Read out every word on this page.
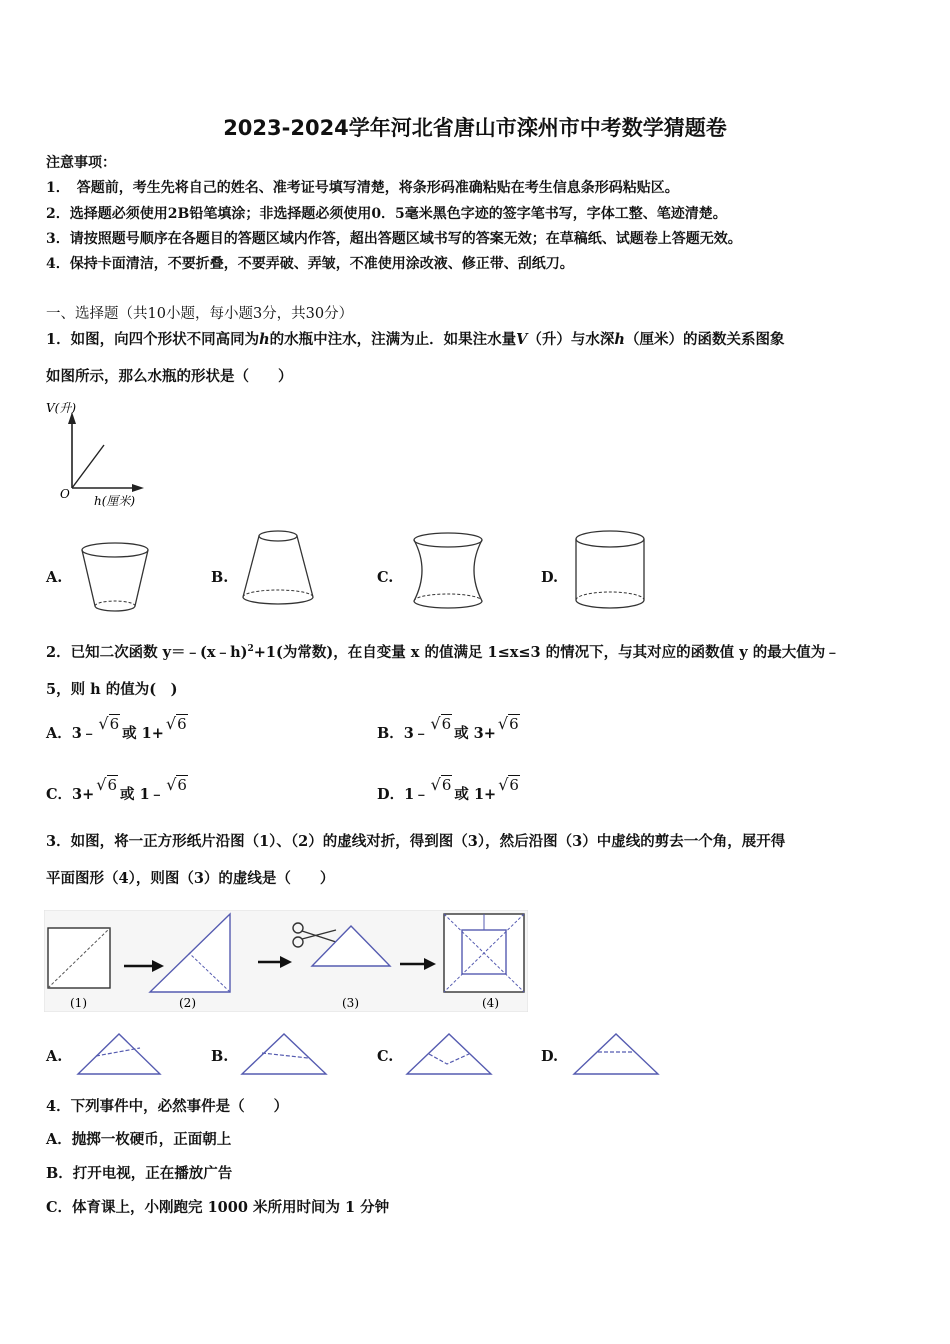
2023-2024学年河北省唐山市滦州市中考数学猜题卷
注意事项：
1．　答题前，考生先将自己的姓名、准考证号填写清楚，将条形码准确粘贴在考生信息条形码粘贴区。
2．选择题必须使用2B铅笔填涂；非选择题必须使用0．5毫米黑色字迹的签字笔书写，字体工整、笔迹清楚。
3．请按照题号顺序在各题目的答题区域内作答，超出答题区域书写的答案无效；在草稿纸、试题卷上答题无效。
4．保持卡面清洁，不要折叠，不要弄破、弄皱，不准使用涂改液、修正带、刮纸刀。
一、选择题（共10小题，每小题3分，共30分）
1．如图，向四个形状不同高同为h的水瓶中注水，注满为止．如果注水量V（升）与水深h（厘米）的函数关系图象
如图所示，那么水瓶的形状是（　　）
V(升)
O h(厘米)
A.	B.	C.	D.
2．已知二次函数 y＝﹣(x﹣h)$^2$+1(为常数)，在自变量 x 的值满足 1≤x≤3 的情况下，与其对应的函数值 y 的最大值为﹣
5，则 h 的值为(　)
A．3﹣√6或 1+√6
B．3﹣√6或 3+√6
C．3+√6或 1﹣√6
D．1﹣√6或 1+√6
3．如图，将一正方形纸片沿图（1）、（2）的虚线对折，得到图（3），然后沿图（3）中虚线的剪去一个角，展开得
平面图形（4），则图（3）的虚线是（　　）
(1)	(2)	(3)	(4)
A.	B.	C.	D.
4．下列事件中，必然事件是（　　）
A．抛掷一枚硬币，正面朝上
B．打开电视，正在播放广告
C．体育课上，小刚跑完 1000 米所用时间为 1 分钟
